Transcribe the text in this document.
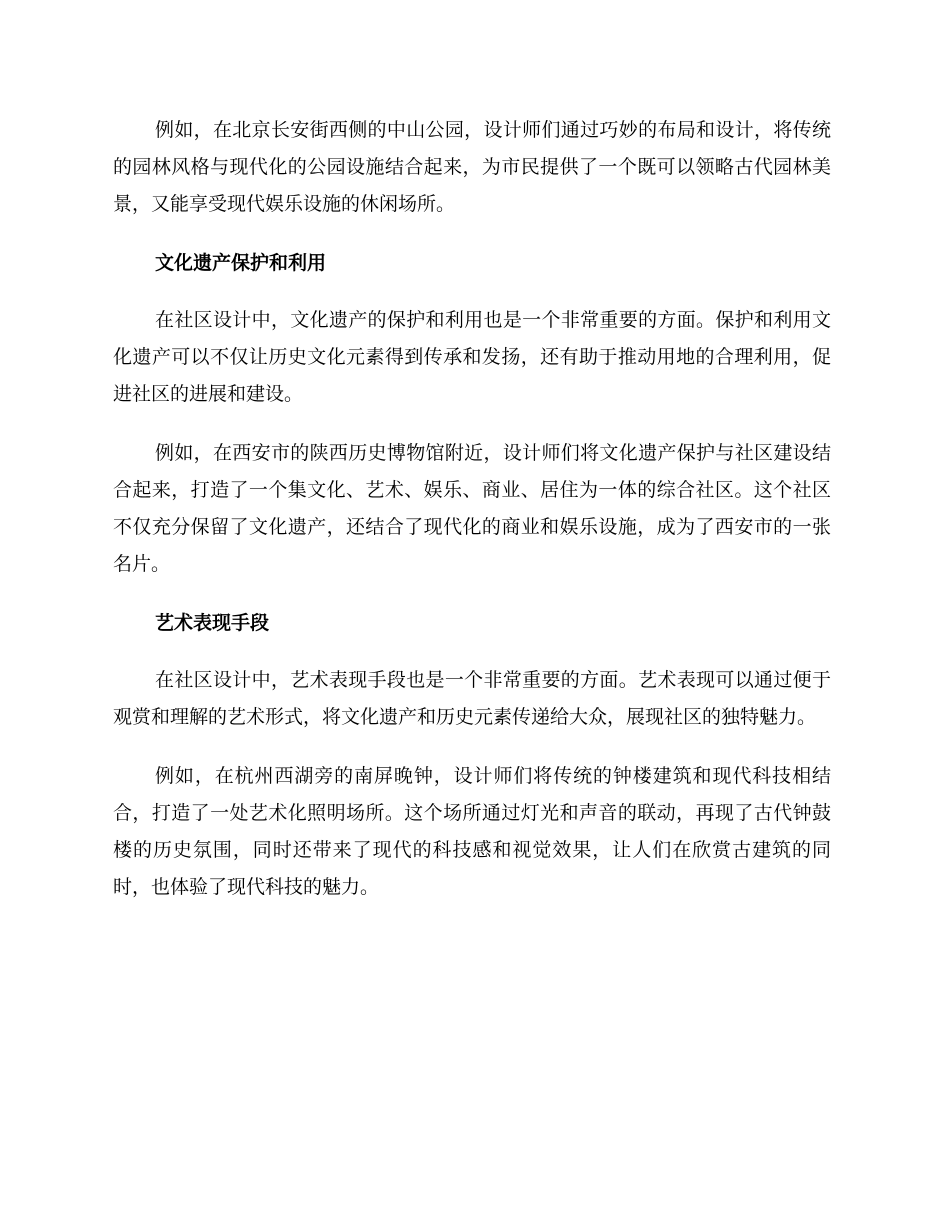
例如，在北京长安街西侧的中山公园，设计师们通过巧妙的布局和设计，将传统的园林风格与现代化的公园设施结合起来，为市民提供了一个既可以领略古代园林美景，又能享受现代娱乐设施的休闲场所。

文化遗产保护和利用

在社区设计中，文化遗产的保护和利用也是一个非常重要的方面。保护和利用文化遗产可以不仅让历史文化元素得到传承和发扬，还有助于推动用地的合理利用，促进社区的进展和建设。

例如，在西安市的陕西历史博物馆附近，设计师们将文化遗产保护与社区建设结合起来，打造了一个集文化、艺术、娱乐、商业、居住为一体的综合社区。这个社区不仅充分保留了文化遗产，还结合了现代化的商业和娱乐设施，成为了西安市的一张名片。

艺术表现手段

在社区设计中，艺术表现手段也是一个非常重要的方面。艺术表现可以通过便于观赏和理解的艺术形式，将文化遗产和历史元素传递给大众，展现社区的独特魅力。

例如，在杭州西湖旁的南屏晚钟，设计师们将传统的钟楼建筑和现代科技相结合，打造了一处艺术化照明场所。这个场所通过灯光和声音的联动，再现了古代钟鼓楼的历史氛围，同时还带来了现代的科技感和视觉效果，让人们在欣赏古建筑的同时，也体验了现代科技的魅力。
